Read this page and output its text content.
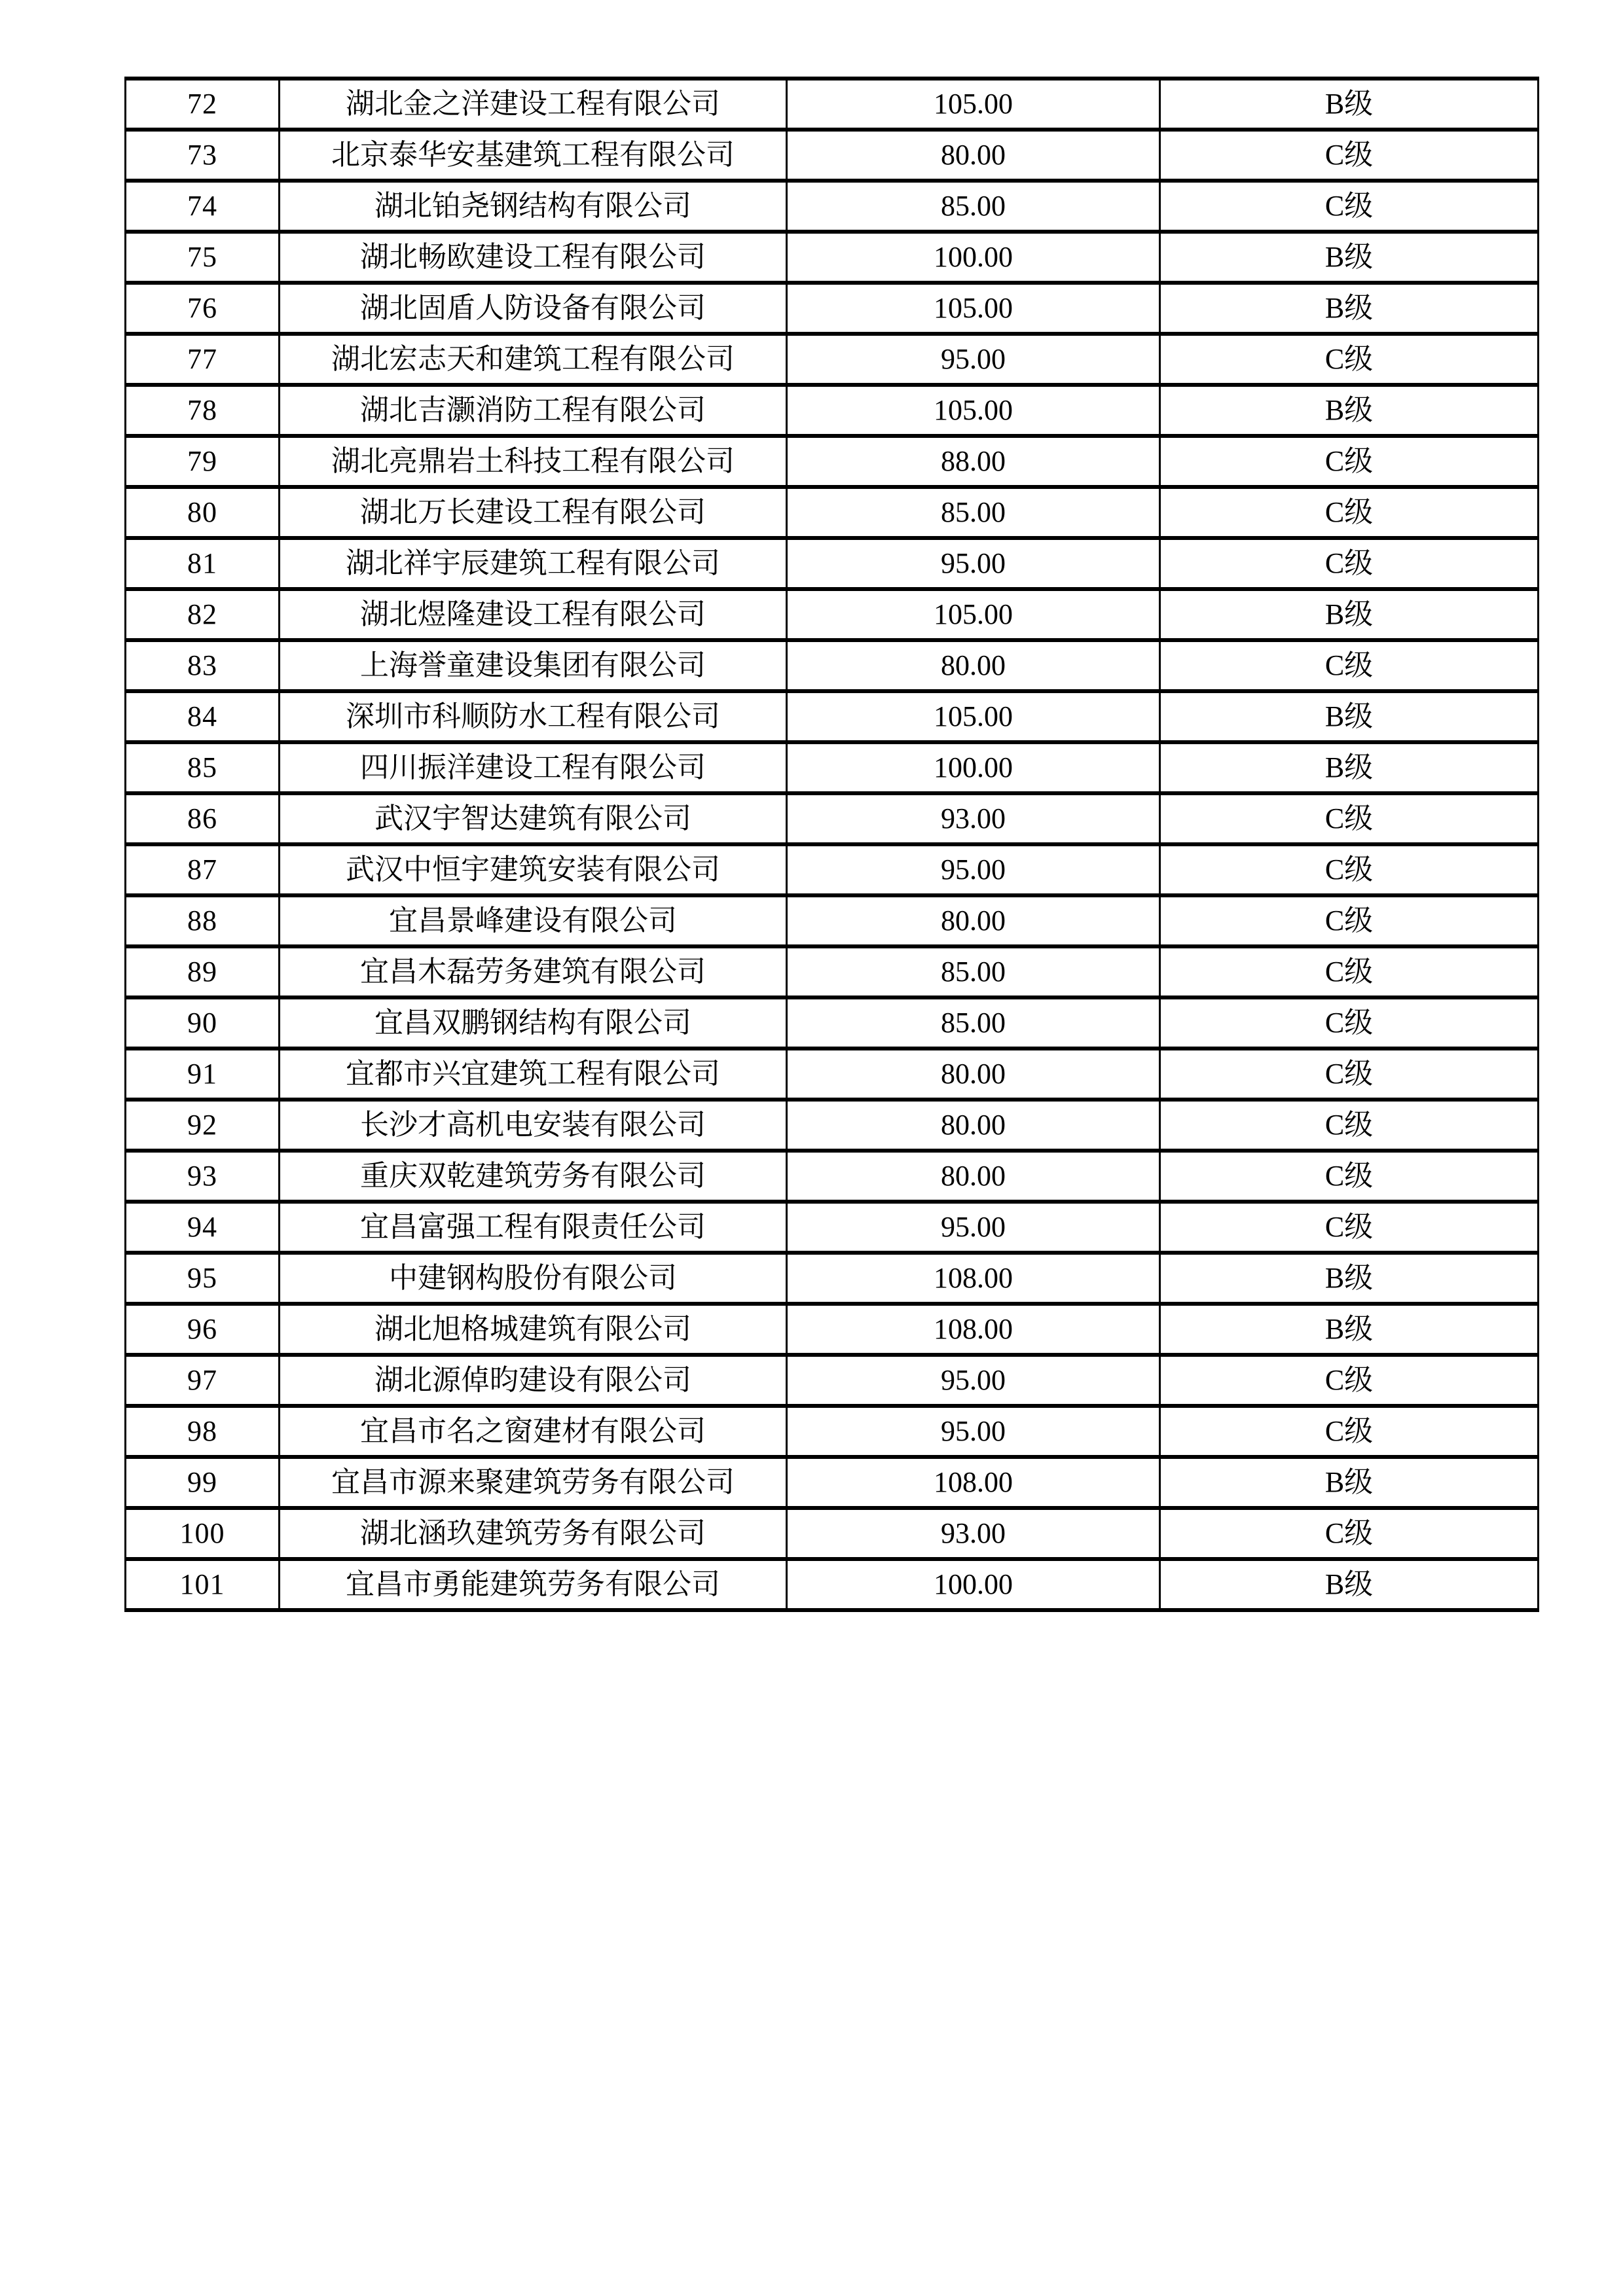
72	湖北金之洋建设工程有限公司	105.00	B级
73	北京泰华安基建筑工程有限公司	80.00	C级
74	湖北铂尧钢结构有限公司	85.00	C级
75	湖北畅欧建设工程有限公司	100.00	B级
76	湖北固盾人防设备有限公司	105.00	B级
77	湖北宏志天和建筑工程有限公司	95.00	C级
78	湖北吉灏消防工程有限公司	105.00	B级
79	湖北亮鼎岩土科技工程有限公司	88.00	C级
80	湖北万长建设工程有限公司	85.00	C级
81	湖北祥宇辰建筑工程有限公司	95.00	C级
82	湖北煜隆建设工程有限公司	105.00	B级
83	上海誉童建设集团有限公司	80.00	C级
84	深圳市科顺防水工程有限公司	105.00	B级
85	四川振洋建设工程有限公司	100.00	B级
86	武汉宇智达建筑有限公司	93.00	C级
87	武汉中恒宇建筑安装有限公司	95.00	C级
88	宜昌景峰建设有限公司	80.00	C级
89	宜昌木磊劳务建筑有限公司	85.00	C级
90	宜昌双鹏钢结构有限公司	85.00	C级
91	宜都市兴宜建筑工程有限公司	80.00	C级
92	长沙才高机电安装有限公司	80.00	C级
93	重庆双乾建筑劳务有限公司	80.00	C级
94	宜昌富强工程有限责任公司	95.00	C级
95	中建钢构股份有限公司	108.00	B级
96	湖北旭格城建筑有限公司	108.00	B级
97	湖北源倬昀建设有限公司	95.00	C级
98	宜昌市名之窗建材有限公司	95.00	C级
99	宜昌市源来聚建筑劳务有限公司	108.00	B级
100	湖北涵玖建筑劳务有限公司	93.00	C级
101	宜昌市勇能建筑劳务有限公司	100.00	B级
